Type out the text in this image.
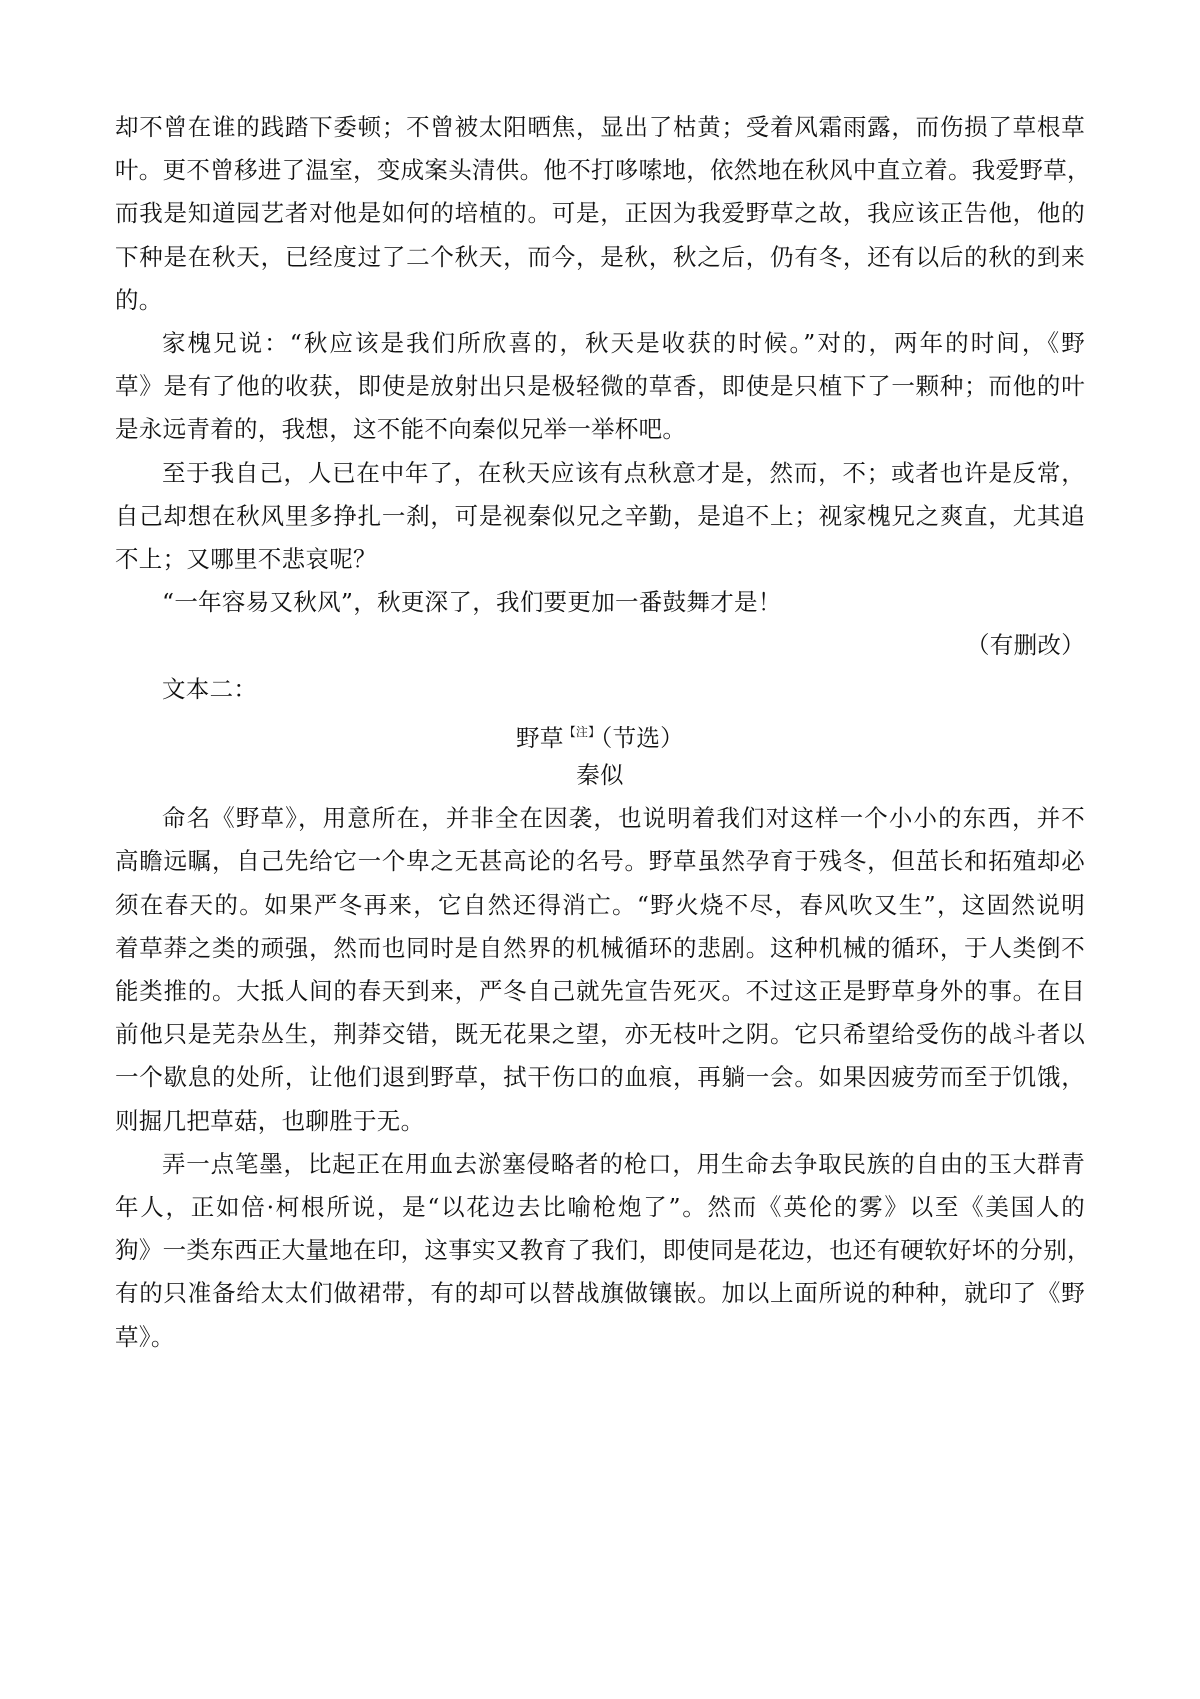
却不曾在谁的践踏下委顿；不曾被太阳晒焦，显出了枯黄；受着风霜雨露，而伤损了草根草
叶。更不曾移进了温室，变成案头清供。他不打哆嗦地，依然地在秋风中直立着。我爱野草，
而我是知道园艺者对他是如何的培植的。可是，正因为我爱野草之故，我应该正告他，他的
下种是在秋天，已经度过了二个秋天，而今，是秋，秋之后，仍有冬，还有以后的秋的到来
的。
家槐兄说：“秋应该是我们所欣喜的，秋天是收获的时候。”对的，两年的时间，《野
草》是有了他的收获，即使是放射出只是极轻微的草香，即使是只植下了一颗种；而他的叶
是永远青着的，我想，这不能不向秦似兄举一举杯吧。
至于我自己，人已在中年了，在秋天应该有点秋意才是，然而，不；或者也许是反常，
自己却想在秋风里多挣扎一刹，可是视秦似兄之辛勤，是追不上；视家槐兄之爽直，尤其追
不上；又哪里不悲哀呢？
“一年容易又秋风”，秋更深了，我们要更加一番鼓舞才是！
（有删改）
文本二：
野草$^{【注】}$（节选）
秦似
命名《野草》，用意所在，并非全在因袭，也说明着我们对这样一个小小的东西，并不
高瞻远瞩，自己先给它一个卑之无甚高论的名号。野草虽然孕育于残冬，但茁长和拓殖却必
须在春天的。如果严冬再来，它自然还得消亡。“野火烧不尽，春风吹又生”，这固然说明
着草莽之类的顽强，然而也同时是自然界的机械循环的悲剧。这种机械的循环，于人类倒不
能类推的。大抵人间的春天到来，严冬自己就先宣告死灭。不过这正是野草身外的事。在目
前他只是芜杂丛生，荆莽交错，既无花果之望，亦无枝叶之阴。它只希望给受伤的战斗者以
一个歇息的处所，让他们退到野草，拭干伤口的血痕，再躺一会。如果因疲劳而至于饥饿，
则掘几把草菇，也聊胜于无。
弄一点笔墨，比起正在用血去淤塞侵略者的枪口，用生命去争取民族的自由的玉大群青
年人，正如倍·柯根所说，是“以花边去比喻枪炮了”。然而《英伦的雾》以至《美国人的
狗》一类东西正大量地在印，这事实又教育了我们，即使同是花边，也还有硬软好坏的分别，
有的只准备给太太们做裙带，有的却可以替战旗做镶嵌。加以上面所说的种种，就印了《野
草》。
